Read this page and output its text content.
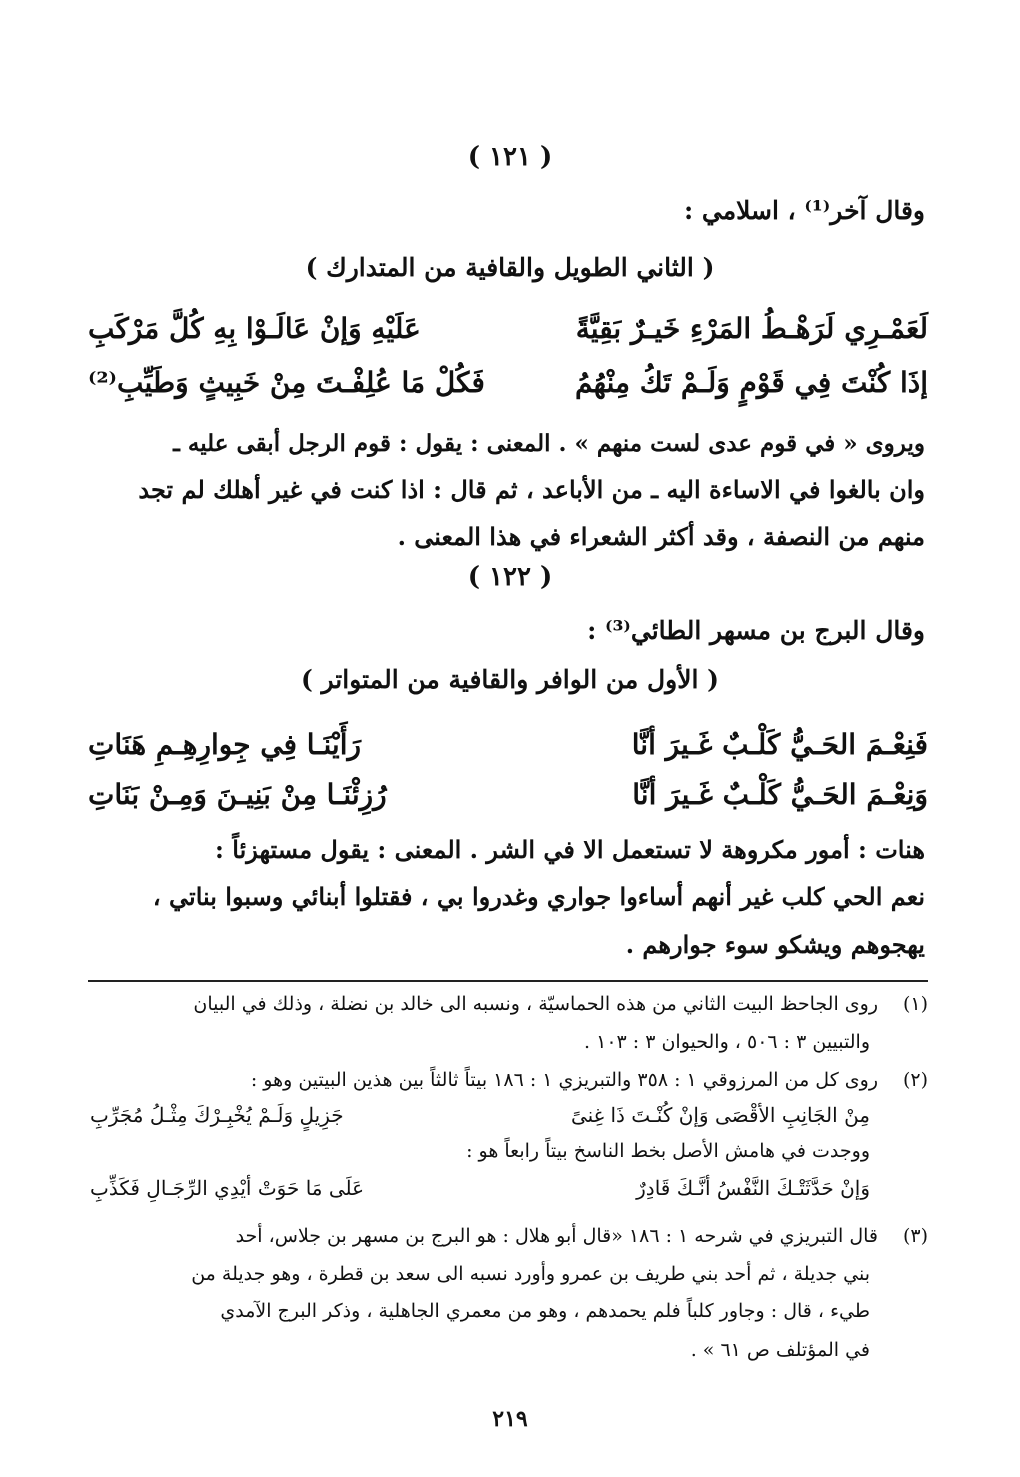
( ١٢١ )
وقال آخر⁽¹⁾ ، اسلامي :
( الثاني الطويل والقافية من المتدارك )
لَعَمْـرِي لَرَهْـطُ المَرْءِ خَيـرٌ بَقِيَّةً
عَلَيْهِ وَإنْ عَالَـوْا بِهِ كُلَّ مَرْكَبِ
إذَا كُنْتَ فِي قَوْمٍ وَلَـمْ تَكُ مِنْهُمُ
فَكُلْ مَا عُلِفْـتَ مِنْ خَبِيثٍ وَطَيِّبِ⁽²⁾
ويروى « في قوم عدى لست منهم » . المعنى : يقول : قوم الرجل أبقى عليه ـ
وان بالغوا في الاساءة اليه ـ من الأباعد ، ثم قال : اذا كنت في غير أهلك لم تجد
منهم من النصفة ، وقد أكثر الشعراء في هذا المعنى .
( ١٢٢ )
وقال البرج بن مسهر الطائي⁽³⁾ :
( الأول من الوافر والقافية من المتواتر )
فَنِعْـمَ الحَـيُّ كَلْـبٌ غَـيرَ أنَّا
رَأَيْنَـا فِي جِوارِهِـمِ هَنَاتِ
وَنِعْـمَ الحَـيُّ كَلْـبٌ غَـيرَ أنَّا
رُزِئْنَـا مِنْ بَنِيـنَ وَمِـنْ بَنَاتِ
هنات : أمور مكروهة لا تستعمل الا في الشر . المعنى : يقول مستهزئاً :
نعم الحي كلب غير أنهم أساءوا جواري وغدروا بي ، فقتلوا أبنائي وسبوا بناتي ،
يهجوهم ويشكو سوء جوارهم .
(١)روى الجاحظ البيت الثاني من هذه الحماسيّة ، ونسبه الى خالد بن نضلة ، وذلك في البيان
والتبيين ٣ : ٥٠٦ ، والحيوان ٣ : ١٠٣ .
(٢)روى كل من المرزوقي ١ : ٣٥٨ والتبريزي ١ : ١٨٦ بيتاً ثالثاً بين هذين البيتين وهو :
مِنْ الجَانِبِ الأقْصَى وَإنْ كُنْـتَ ذَا غِنىً
جَزِيلٍ وَلَـمْ يُخْبِـرْكَ مِثْـلُ مُجَرِّبِ
ووجدت في هامش الأصل بخط الناسخ بيتاً رابعاً هو :
وَإنْ حَدَّثَتْـكَ النَّفْسُ أنَّـكَ قَادِرٌ
عَلَى مَا حَوَتْ أيْدِي الرِّجَـالِ فَكَذِّبِ
(٣)قال التبريزي في شرحه ١ : ١٨٦ «قال أبو هلال : هو البرج بن مسهر بن جلاس، أحد
بني جديلة ، ثم أحد بني طريف بن عمرو وأورد نسبه الى سعد بن قطرة ، وهو جديلة من
طيء ، قال : وجاور كلباً فلم يحمدهم ، وهو من معمري الجاهلية ، وذكر البرج الآمدي
في المؤتلف ص ٦١ » .
٢١٩
